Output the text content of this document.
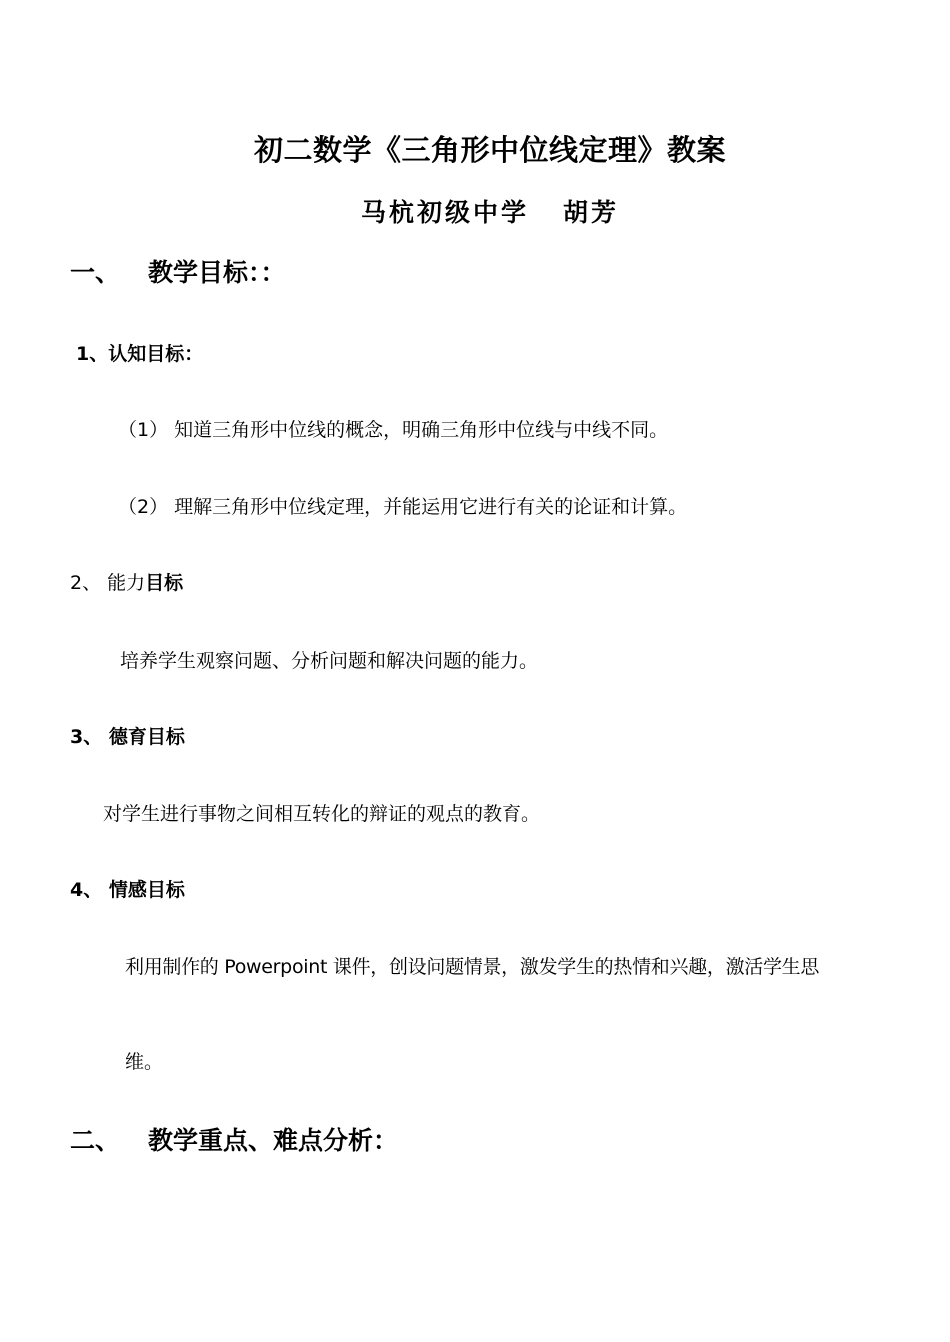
初二数学《三角形中位线定理》教案
马杭初级中学 胡芳
一、 教学目标：：
1、认知目标：
（1） 知道三角形中位线的概念，明确三角形中位线与中线不同。
（2） 理解三角形中位线定理，并能运用它进行有关的论证和计算。
2、 能力目标
培养学生观察问题、分析问题和解决问题的能力。
3、 德育目标
对学生进行事物之间相互转化的辩证的观点的教育。
4、 情感目标
利用制作的 Powerpoint 课件，创设问题情景，激发学生的热情和兴趣，激活学生思
维。
二、 教学重点、难点分析：
